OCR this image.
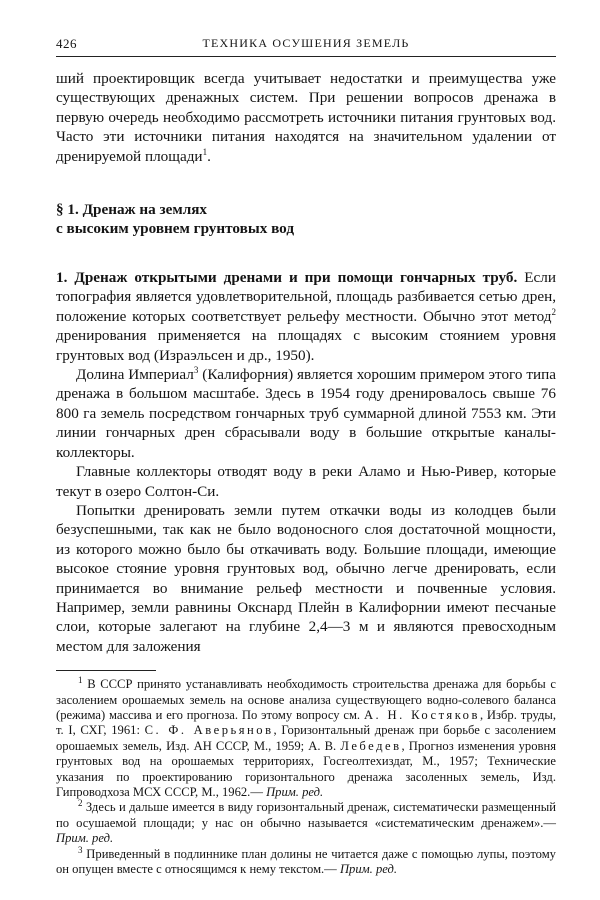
426	ТЕХНИКА ОСУШЕНИЯ ЗЕМЕЛЬ

ший проектировщик всегда учитывает недостатки и преимущества уже существующих дренажных систем. При решении вопросов дренажа в первую очередь необходимо рассмотреть источники питания грунтовых вод. Часто эти источники питания находятся на значительном удалении от дренируемой площади$^1$.

§ 1. Дренаж на землях
с высоким уровнем грунтовых вод

1. Дренаж открытыми дренами и при помощи гончарных труб. Если топография является удовлетворительной, площадь разбивается сетью дрен, положение которых соответствует рельефу местности. Обычно этот метод$^2$ дренирования применяется на площадях с высоким стоянием уровня грунтовых вод (Израэльсен и др., 1950).

Долина Империал$^3$ (Калифорния) является хорошим примером этого типа дренажа в большом масштабе. Здесь в 1954 году дренировалось свыше 76 800 га земель посредством гончарных труб суммарной длиной 7553 км. Эти линии гончарных дрен сбрасывали воду в большие открытые каналы-коллекторы.

Главные коллекторы отводят воду в реки Аламо и Нью-Ривер, которые текут в озеро Солтон-Си.

Попытки дренировать земли путем откачки воды из колодцев были безуспешными, так как не было водоносного слоя достаточной мощности, из которого можно было бы откачивать воду. Большие площади, имеющие высокое стояние уровня грунтовых вод, обычно легче дренировать, если принимается во внимание рельеф местности и почвенные условия. Например, земли равнины Окснард Плейн в Калифорнии имеют песчаные слои, которые залегают на глубине 2,4—3 м и являются превосходным местом для заложения

$^1$ В СССР принято устанавливать необходимость строительства дренажа для борьбы с засолением орошаемых земель на основе анализа существующего водно-солевого баланса (режима) массива и его прогноза. По этому вопросу см. А. Н. Костяков, Избр. труды, т. I, СХГ, 1961: С. Ф. Аверьянов, Горизонтальный дренаж при борьбе с засолением орошаемых земель, Изд. АН СССР, М., 1959; А. В. Лебедев, Прогноз изменения уровня грунтовых вод на орошаемых территориях, Госгеолтехиздат, М., 1957; Технические указания по проектированию горизонтального дренажа засоленных земель, Изд. Гипроводхоза МСХ СССР, М., 1962.— Прим. ред.

$^2$ Здесь и дальше имеется в виду горизонтальный дренаж, систематически размещенный по осушаемой площади; у нас он обычно называется «систематическим дренажем».— Прим. ред.

$^3$ Приведенный в подлиннике план долины не читается даже с помощью лупы, поэтому он опущен вместе с относящимся к нему текстом.— Прим. ред.
